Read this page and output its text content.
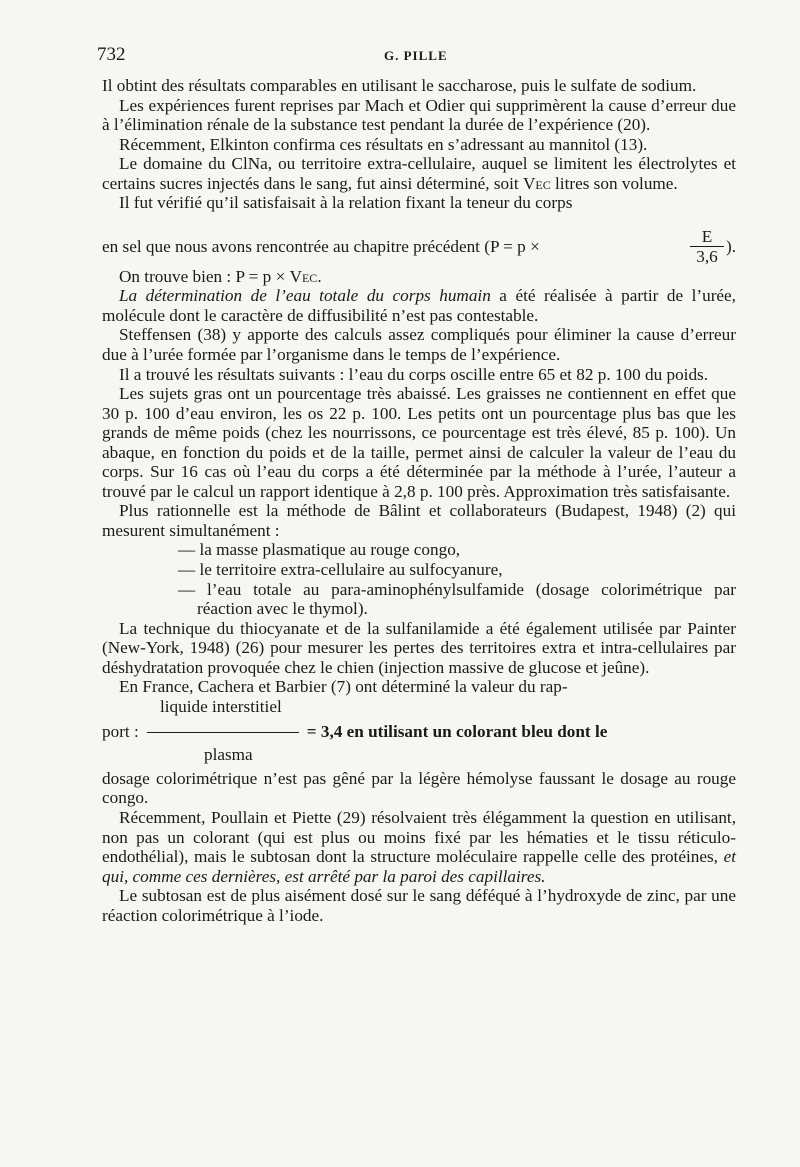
732	G. PILLE

Il obtint des résultats comparables en utilisant le saccharose, puis le sulfate de sodium.

Les expériences furent reprises par Mach et Odier qui supprimèrent la cause d’erreur due à l’élimination rénale de la substance test pendant la durée de l’expérience (20).

Récemment, Elkinton confirma ces résultats en s’adressant au mannitol (13).

Le domaine du ClNa, ou territoire extra-cellulaire, auquel se limitent les électrolytes et certains sucres injectés dans le sang, fut ainsi déterminé, soit Vec litres son volume.

Il fut vérifié qu’il satisfaisait à la relation fixant la teneur du corps

en sel que nous avons rencontrée au chapitre précédent (P = p ×	$\frac{E}{3,6}$ ).

On trouve bien : P = p × Vec.

La détermination de l’eau totale du corps humain a été réalisée à partir de l’urée, molécule dont le caractère de diffusibilité n’est pas contestable.

Steffensen (38) y apporte des calculs assez compliqués pour éliminer la cause d’erreur due à l’urée formée par l’organisme dans le temps de l’expérience.

Il a trouvé les résultats suivants : l’eau du corps oscille entre 65 et 82 p. 100 du poids.

Les sujets gras ont un pourcentage très abaissé. Les graisses ne contiennent en effet que 30 p. 100 d’eau environ, les os 22 p. 100. Les petits ont un pourcentage plus bas que les grands de même poids (chez les nourrissons, ce pourcentage est très élevé, 85 p. 100). Un abaque, en fonction du poids et de la taille, permet ainsi de calculer la valeur de l’eau du corps. Sur 16 cas où l’eau du corps a été déterminée par la méthode à l’urée, l’auteur a trouvé par le calcul un rapport identique à 2,8 p. 100 près. Approximation très satisfaisante.

Plus rationnelle est la méthode de Bâlint et collaborateurs (Budapest, 1948) (2) qui mesurent simultanément :

— la masse plasmatique au rouge congo,

— le territoire extra-cellulaire au sulfocyanure,

— l’eau totale au para-aminophénylsulfamide (dosage colorimétrique par réaction avec le thymol).

La technique du thiocyanate et de la sulfanilamide a été également utilisée par Painter (New-York, 1948) (26) pour mesurer les pertes des territoires extra et intra-cellulaires par déshydratation provoquée chez le chien (injection massive de glucose et jeûne).

En France, Cachera et Barbier (7) ont déterminé la valeur du rap-

liquide interstitiel
port :	= 3,4 en utilisant un colorant bleu dont le
plasma

dosage colorimétrique n’est pas gêné par la légère hémolyse faussant le dosage au rouge congo.

Récemment, Poullain et Piette (29) résolvaient très élégamment la question en utilisant, non pas un colorant (qui est plus ou moins fixé par les hématies et le tissu réticulo-endothélial), mais le subtosan dont la structure moléculaire rappelle celle des protéines, et qui, comme ces dernières, est arrêté par la paroi des capillaires.

Le subtosan est de plus aisément dosé sur le sang déféqué à l’hydroxyde de zinc, par une réaction colorimétrique à l’iode.
